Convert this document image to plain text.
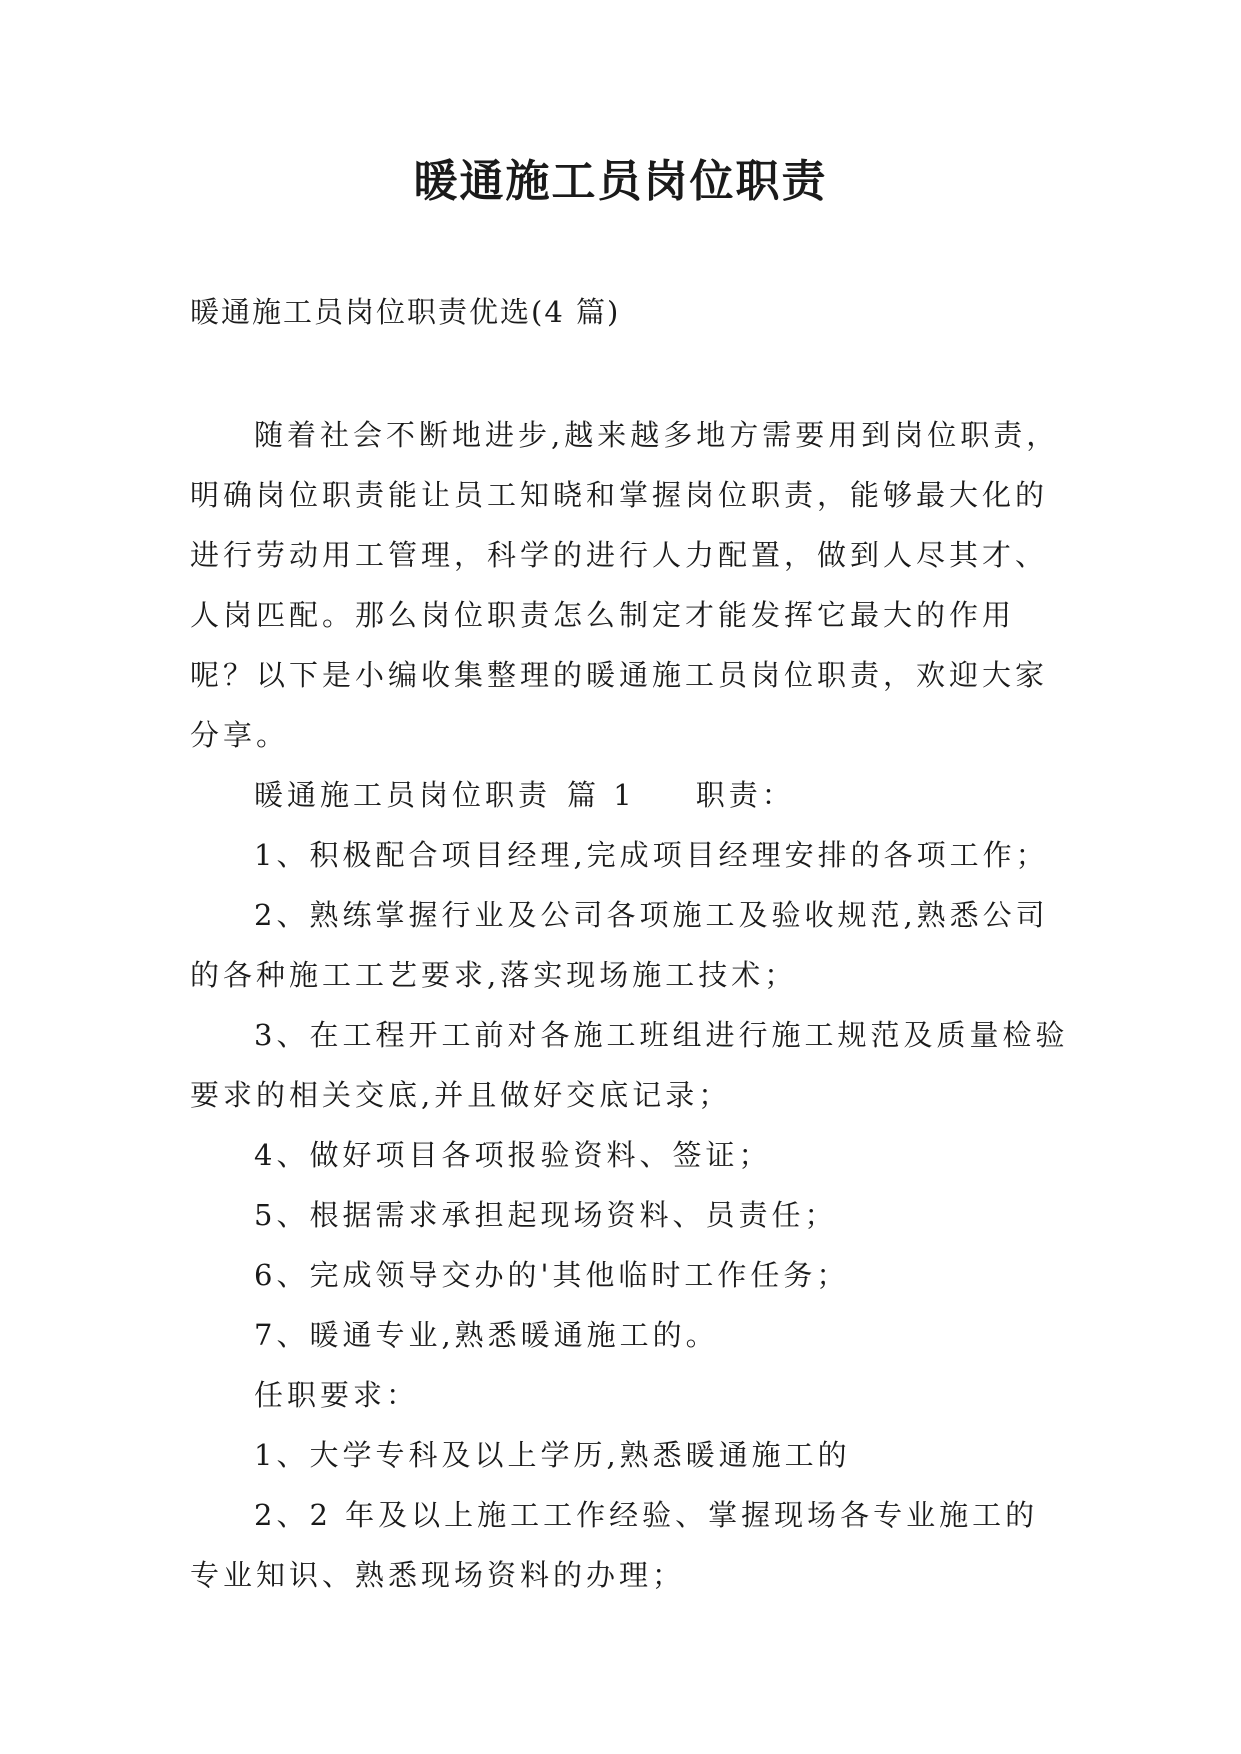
暖通施工员岗位职责

暖通施工员岗位职责优选(4 篇)

随着社会不断地进步,越来越多地方需要用到岗位职责，明确岗位职责能让员工知晓和掌握岗位职责，能够最大化的进行劳动用工管理，科学的进行人力配置，做到人尽其才、人岗匹配。那么岗位职责怎么制定才能发挥它最大的作用呢？以下是小编收集整理的暖通施工员岗位职责，欢迎大家分享。

暖通施工员岗位职责 篇 1 职责：

1、积极配合项目经理,完成项目经理安排的各项工作；

2、熟练掌握行业及公司各项施工及验收规范,熟悉公司的各种施工工艺要求,落实现场施工技术；

3、在工程开工前对各施工班组进行施工规范及质量检验要求的相关交底,并且做好交底记录；

4、做好项目各项报验资料、签证；

5、根据需求承担起现场资料、员责任；

6、完成领导交办的'其他临时工作任务；

7、暖通专业,熟悉暖通施工的。

任职要求：

1、大学专科及以上学历,熟悉暖通施工的

2、2 年及以上施工工作经验、掌握现场各专业施工的专业知识、熟悉现场资料的办理；
